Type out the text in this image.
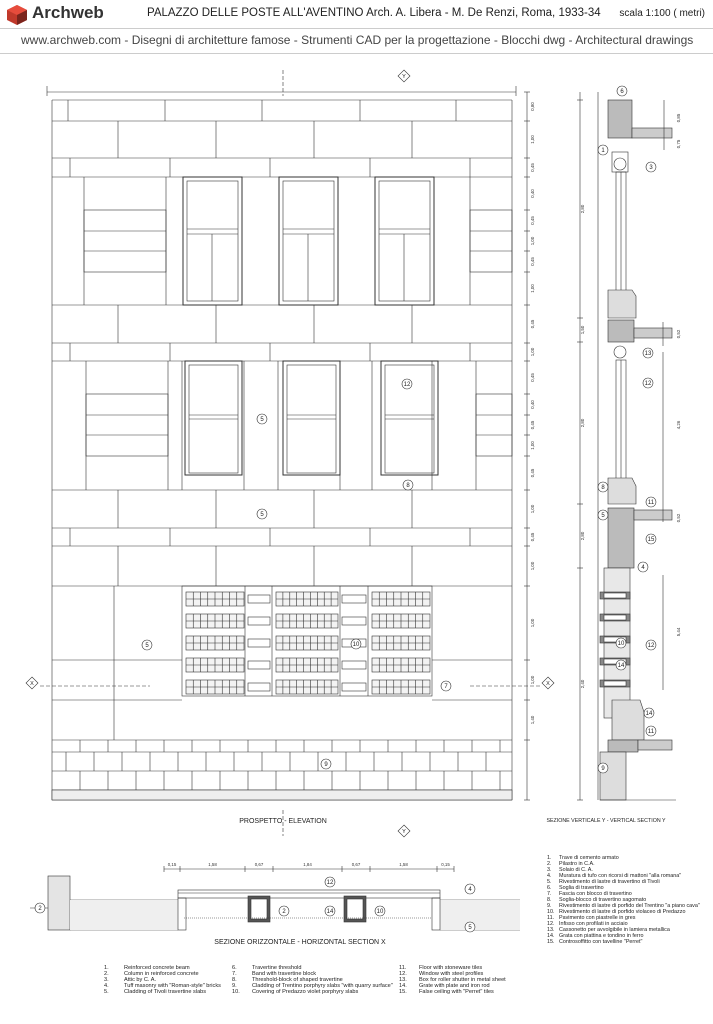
Archweb	PALAZZO DELLE POSTE ALL'AVENTINO Arch. A. Libera - M. De Renzi, Roma, 1933-34 scala 1:100 ( metri)
www.archweb.com - Disegni di architetture famose - Strumenti CAD per la progettazione - Blocchi dwg - Architectural drawings
PROSPETTO - ELEVATION	SEZIONE VERTICALE Y - VERTICAL SECTION Y
SEZIONE ORIZZONTALE - HORIZONTAL SECTION X
12
5
8
5
5	10
7
9
6
1
3
13
12
8
11
5
15
4
10	12
14
14
11
9
2
12
4
2	14	10
5
0,80
1,00
0,45
0,40
0,45
1,00
0,45
1,00
0,45
1,00
0,45
0,40
0,45
1,00
0,45
1,00
0,45
1,00
1,00
1,00
1,40
2,80
1,50
2,80
2,80
2,40
0,85
0,75
0,52
4,26
0,52
5,44
0,15	1,58	0,67	1,84	0,67	1,58	0,15
Y
Y
X	X
1.	Reinforced concrete beam
2.	Column in reinforced concrete
3.	Attic by C. A.
4.	Tuff masonry with "Roman-style" bricks
5.	Cladding of Tivoli travertine slabs
6.	Travertine threshold
7.	Band with travertine block
8.	Threshold-block of shaped travertine
9.	Cladding of Trentino porphyry slabs "with quarry surface"
10. Covering of Predazzo violet porphyry slabs
11. Floor with stoneware tiles
12. Window with steel profiles
13. Box for roller shutter in metal sheet
14. Grate with plate and iron rod
15. False ceiling with "Perret" tiles
1. Trave di cemento armato
2. Pilastro in C.A.
3. Solaio di C. A.
4. Muratura di tufo con ricorsi di mattoni "alla romana"
5. Rivestimento di lastre di travertino di Tivoli
6. Soglia di travertino
7. Fascia con blocco di travertino
8. Soglia-blocco di travertino sagomato
9. Rivestimento di lastre di porfido del Trentino "a piano cava"
10. Rivestimento di lastre di porfido violaceo di Predazzo
11. Pavimento con piastrelle in gres
12. Infisso con profilati in acciaio
13. Cassonetto per avvolgibile in lamiera metallica
14. Grata con piattina e tondino in ferro
15. Controsoffitto con tavelline "Perret"
